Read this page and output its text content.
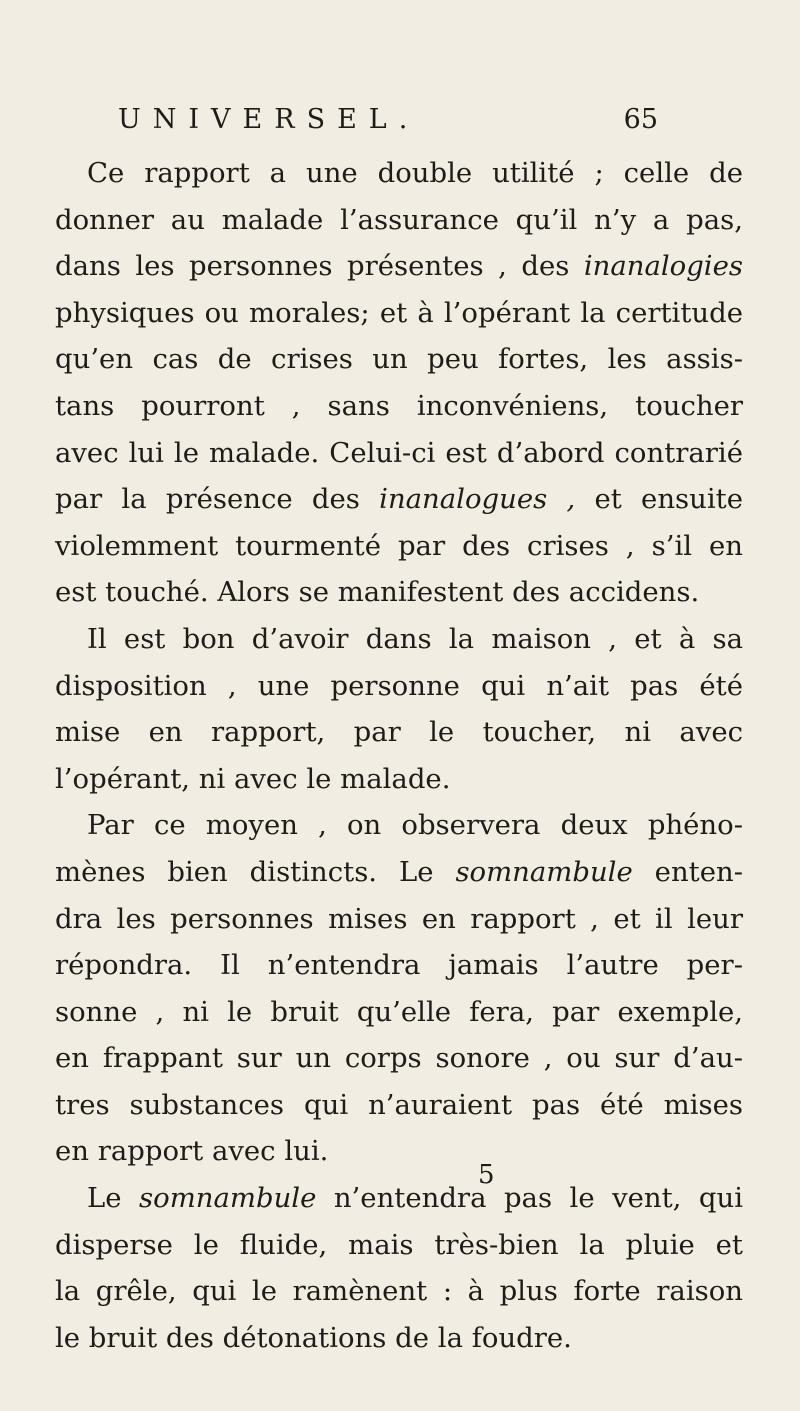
UNIVERSEL.	65
Ce rapport a une double utilité ; celle de
donner au malade l’assurance qu’il n’y a pas,
dans les personnes présentes , des inanalogies
physiques ou morales; et à l’opérant la certitude
qu’en cas de crises un peu fortes, les assis-
tans pourront , sans inconvéniens, toucher
avec lui le malade. Celui-ci est d’abord contrarié
par la présence des inanalogues , et ensuite
violemment tourmenté par des crises , s’il en
est touché. Alors se manifestent des accidens.
Il est bon d’avoir dans la maison , et à sa
disposition , une personne qui n’ait pas été
mise en rapport, par le toucher, ni avec
l’opérant, ni avec le malade.
Par ce moyen , on observera deux phéno-
mènes bien distincts. Le somnambule enten-
dra les personnes mises en rapport , et il leur
répondra. Il n’entendra jamais l’autre per-
sonne , ni le bruit qu’elle fera, par exemple,
en frappant sur un corps sonore , ou sur d’au-
tres substances qui n’auraient pas été mises
en rapport avec lui.
Le somnambule n’entendra pas le vent, qui
disperse le fluide, mais très-bien la pluie et
la grêle, qui le ramènent : à plus forte raison
le bruit des détonations de la foudre.
5
